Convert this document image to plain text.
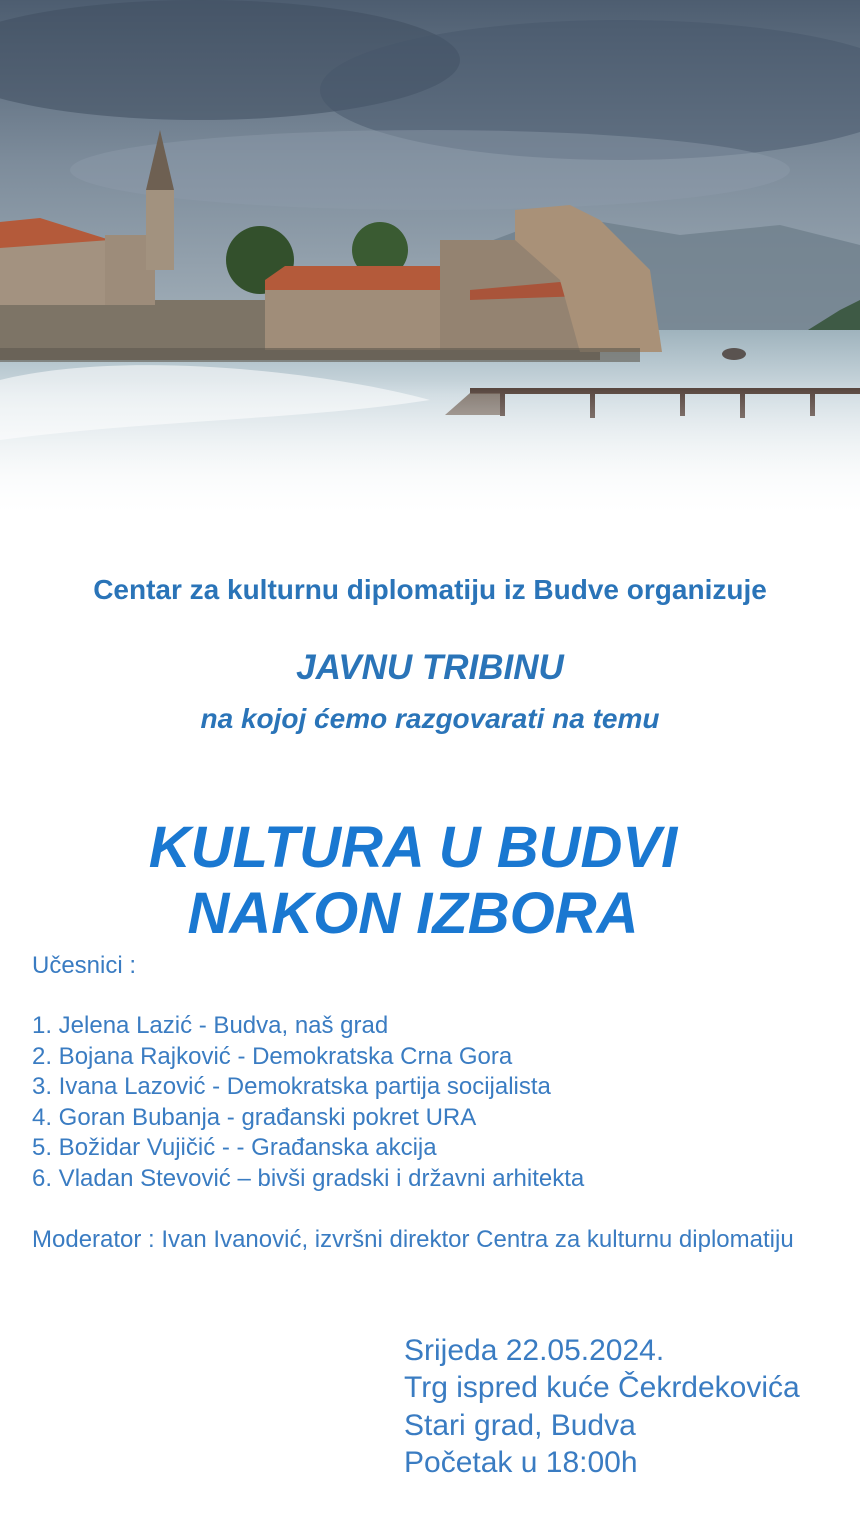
Centar za kulturnu diplomatiju iz Budve organizuje

JAVNU TRIBINU

na kojoj ćemo razgovarati na temu

KULTURA U BUDVI
NAKON IZBORA

Učesnici :

1. Jelena Lazić - Budva, naš grad
2. Bojana Rajković - Demokratska Crna Gora
3. Ivana Lazović - Demokratska partija socijalista
4. Goran Bubanja - građanski pokret URA
5. Božidar Vujičić - - Građanska akcija
6. Vladan Stevović – bivši gradski i državni arhitekta

Moderator : Ivan Ivanović, izvršni direktor Centra za kulturnu diplomatiju

Srijeda 22.05.2024.
Trg ispred kuće Čekrdekovića
Stari grad, Budva
Početak u 18:00h
